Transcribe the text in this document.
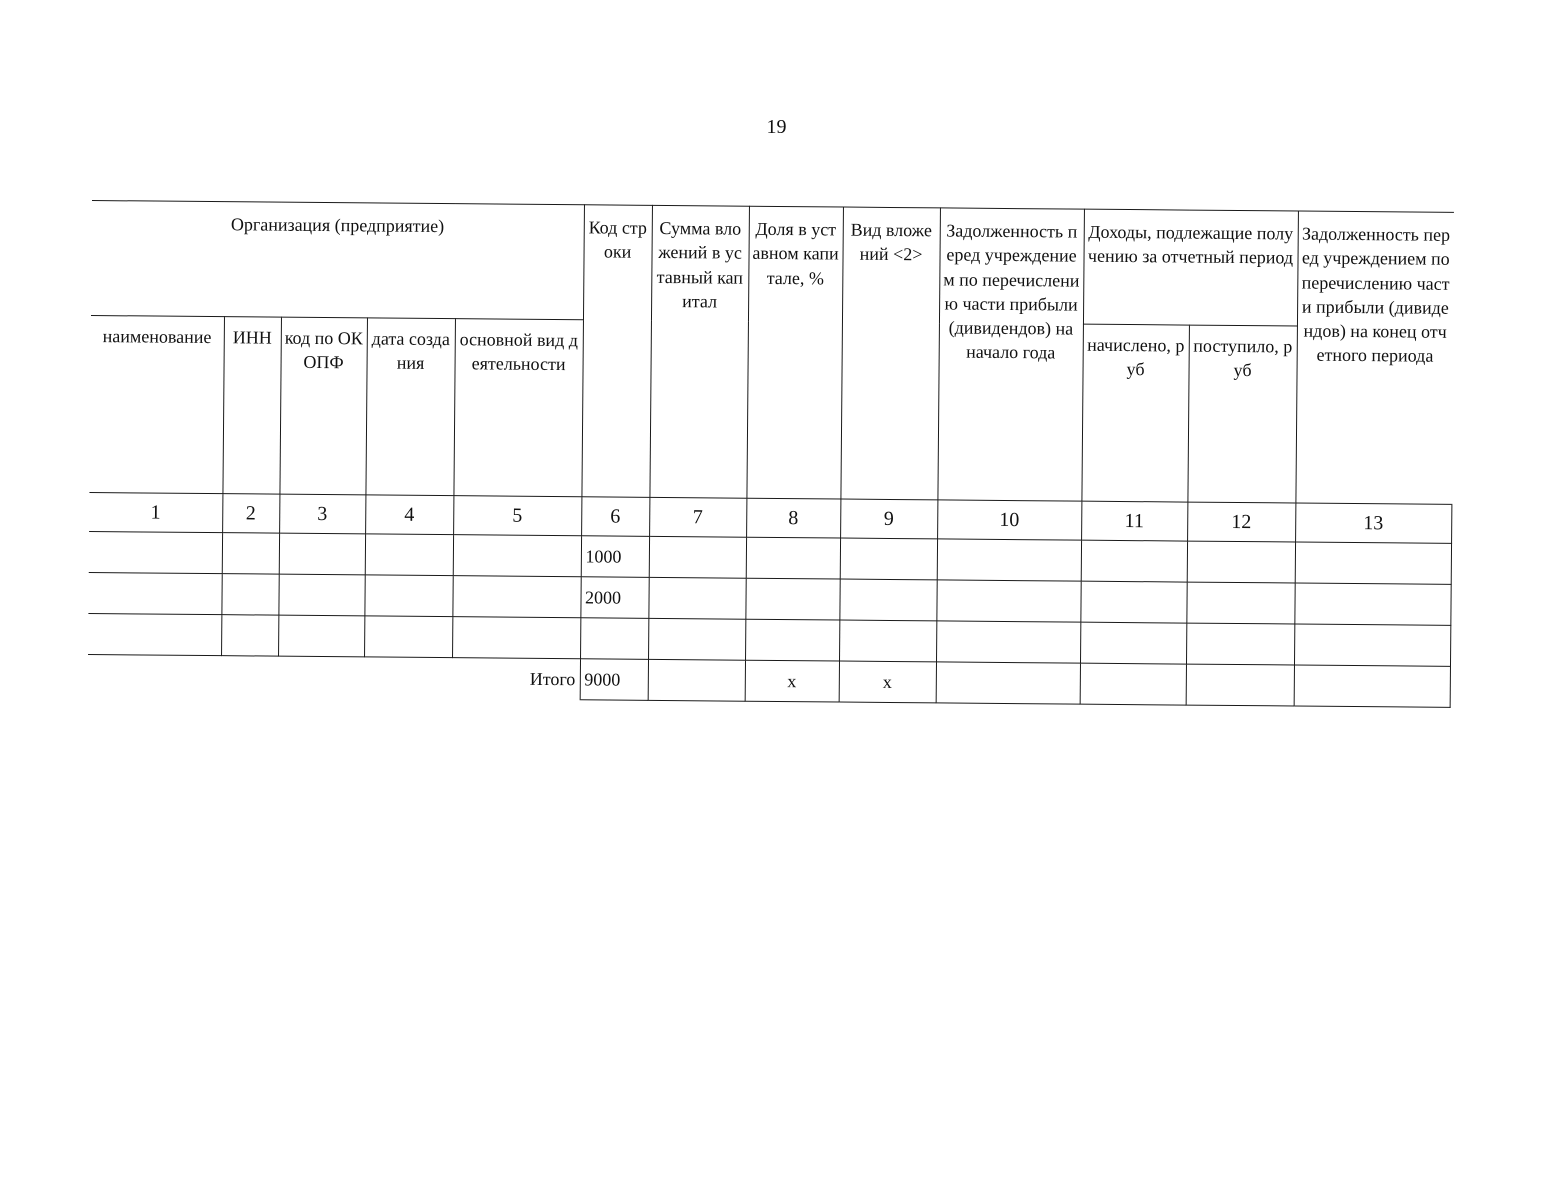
19
Организация (предприятие)					Код строки	Сумма вложений в уставный капитал	Доля в уставном капитале, %	Вид вложений <2>	Задолженность перед учреждением по перечислению части прибыли (дивидендов) на начало года	Доходы, подлежащие получению за отчетный период		Задолженность перед учреждением по перечислению части прибыли (дивидендов) на конец отчетного периода
наименование	ИНН	код по ОКОПФ	дата создания	основной вид деятельности						начислено, руб	поступило, руб	
1	2	3	4	5	6	7	8	9	10	11	12	13
					1000							
					2000							

Итого					9000		x	x				
